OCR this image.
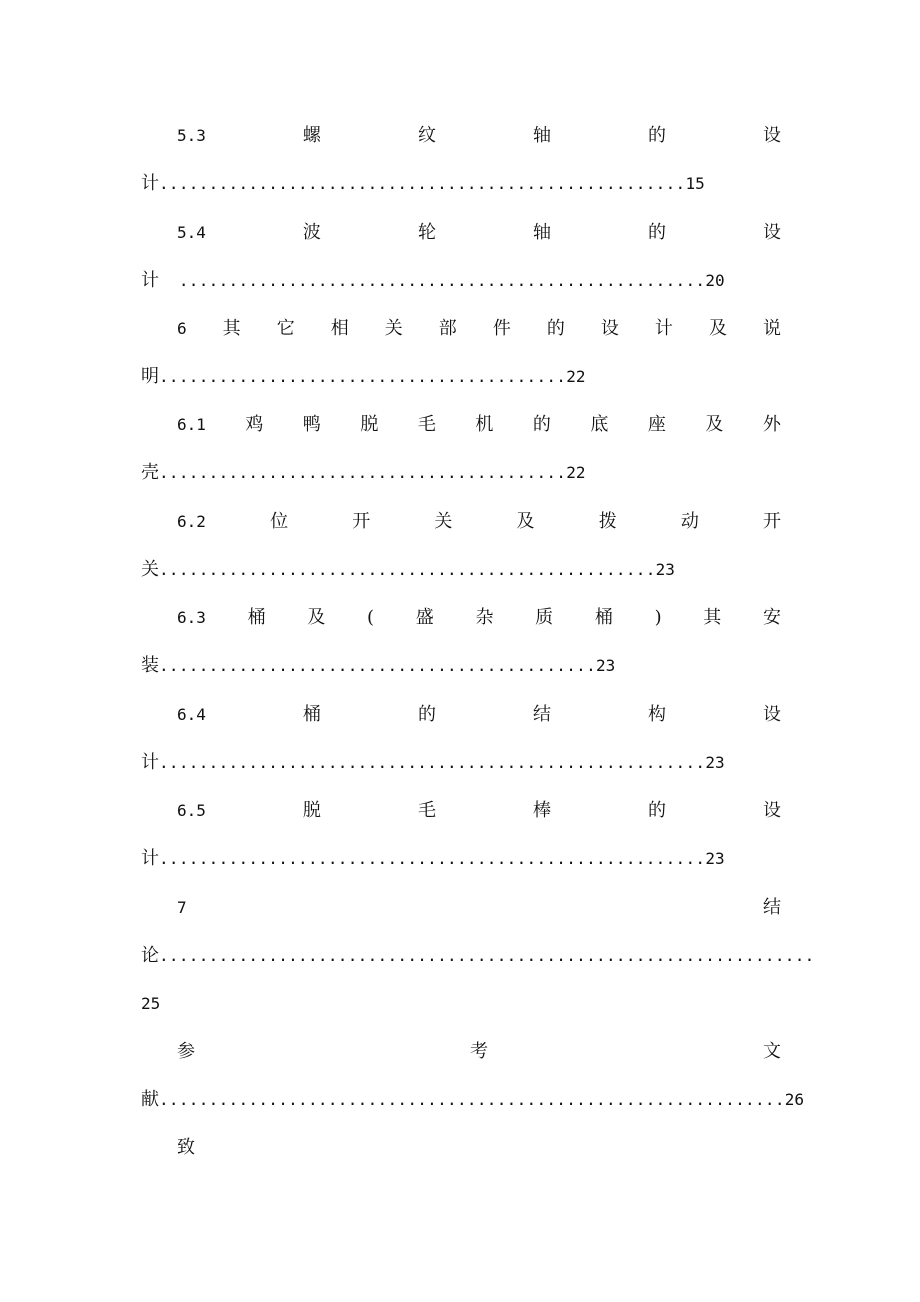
5.3	螺	纹	轴	的	设
计 ..................................................... 15
5.4	波	轮	轴	的	设
计 ..................................................... 20
6 其 它 相 关 部 件 的 设 计 及 说
明 ......................................... 22
6.1 鸡 鸭 脱 毛 机 的 底 座 及 外
壳 ......................................... 22
6.2	位	开	关	及	拨	动	开
关 .................................................. 23
6.3 桶 及 ( 盛 杂 质 桶 ) 其 安
装 ............................................ 23
6.4	桶	的	结	构	设
计 ....................................................... 23
6.5	脱	毛	棒	的	设
计 ....................................................... 23
7	结
论 ..................................................................
25
参	考	文
献 ............................................................... 26
致
